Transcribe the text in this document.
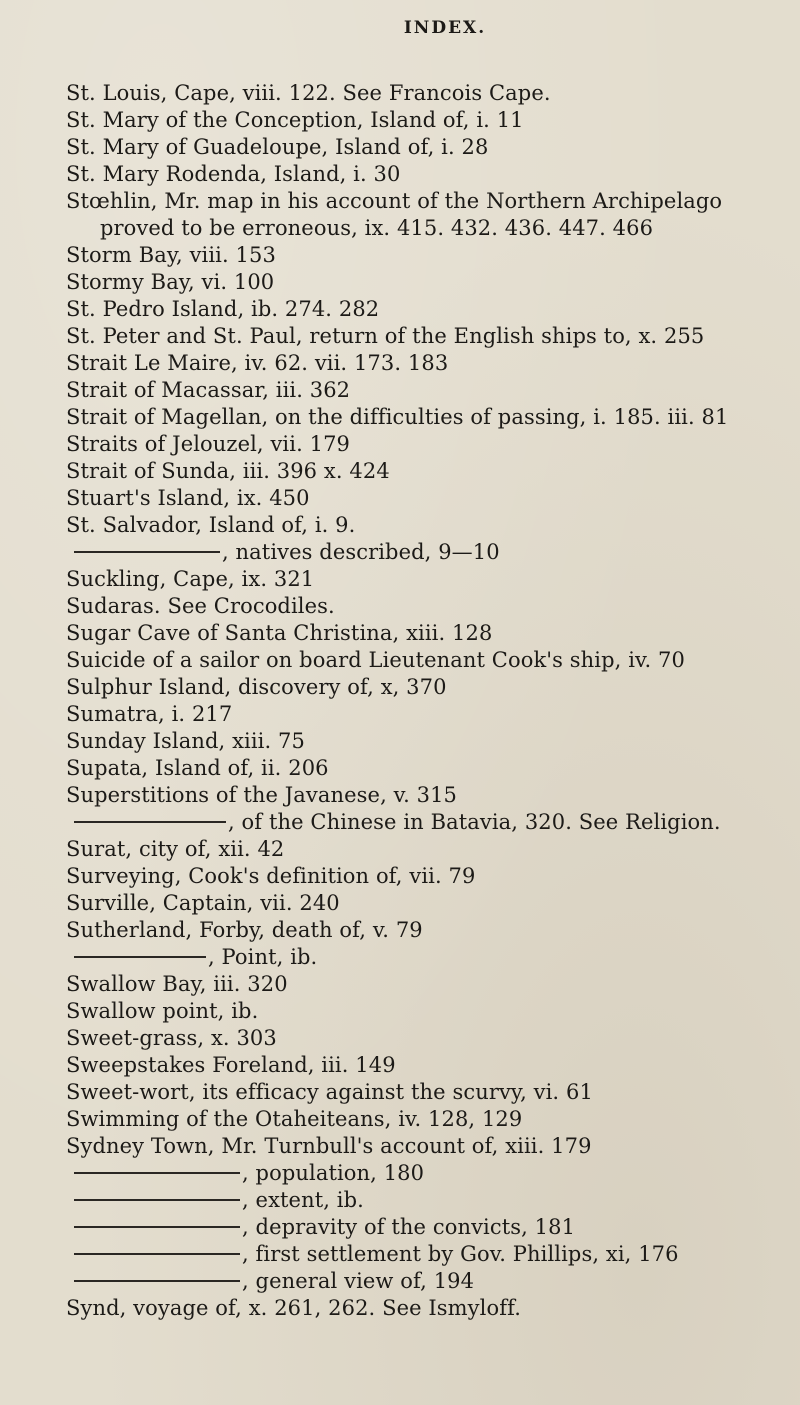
INDEX.
St. Louis, Cape, viii. 122. See Francois Cape.
St. Mary of the Conception, Island of, i. 11
St. Mary of Guadeloupe, Island of, i. 28
St. Mary Rodenda, Island, i. 30
Stœhlin, Mr. map in his account of the Northern Archipelago
proved to be erroneous, ix. 415. 432. 436. 447. 466
Storm Bay, viii. 153
Stormy Bay, vi. 100
St. Pedro Island, ib. 274. 282
St. Peter and St. Paul, return of the English ships to, x. 255
Strait Le Maire, iv. 62. vii. 173. 183
Strait of Macassar, iii. 362
Strait of Magellan, on the difficulties of passing, i. 185. iii. 81
Straits of Jelouzel, vii. 179
Strait of Sunda, iii. 396 x. 424
Stuart's Island, ix. 450
St. Salvador, Island of, i. 9.
, natives described, 9—10
Suckling, Cape, ix. 321
Sudaras. See Crocodiles.
Sugar Cave of Santa Christina, xiii. 128
Suicide of a sailor on board Lieutenant Cook's ship, iv. 70
Sulphur Island, discovery of, x, 370
Sumatra, i. 217
Sunday Island, xiii. 75
Supata, Island of, ii. 206
Superstitions of the Javanese, v. 315
, of the Chinese in Batavia, 320. See Religion.
Surat, city of, xii. 42
Surveying, Cook's definition of, vii. 79
Surville, Captain, vii. 240
Sutherland, Forby, death of, v. 79
, Point, ib.
Swallow Bay, iii. 320
Swallow point, ib.
Sweet-grass, x. 303
Sweepstakes Foreland, iii. 149
Sweet-wort, its efficacy against the scurvy, vi. 61
Swimming of the Otaheiteans, iv. 128, 129
Sydney Town, Mr. Turnbull's account of, xiii. 179
, population, 180
, extent, ib.
, depravity of the convicts, 181
, first settlement by Gov. Phillips, xi, 176
, general view of, 194
Synd, voyage of, x. 261, 262. See Ismyloff.
